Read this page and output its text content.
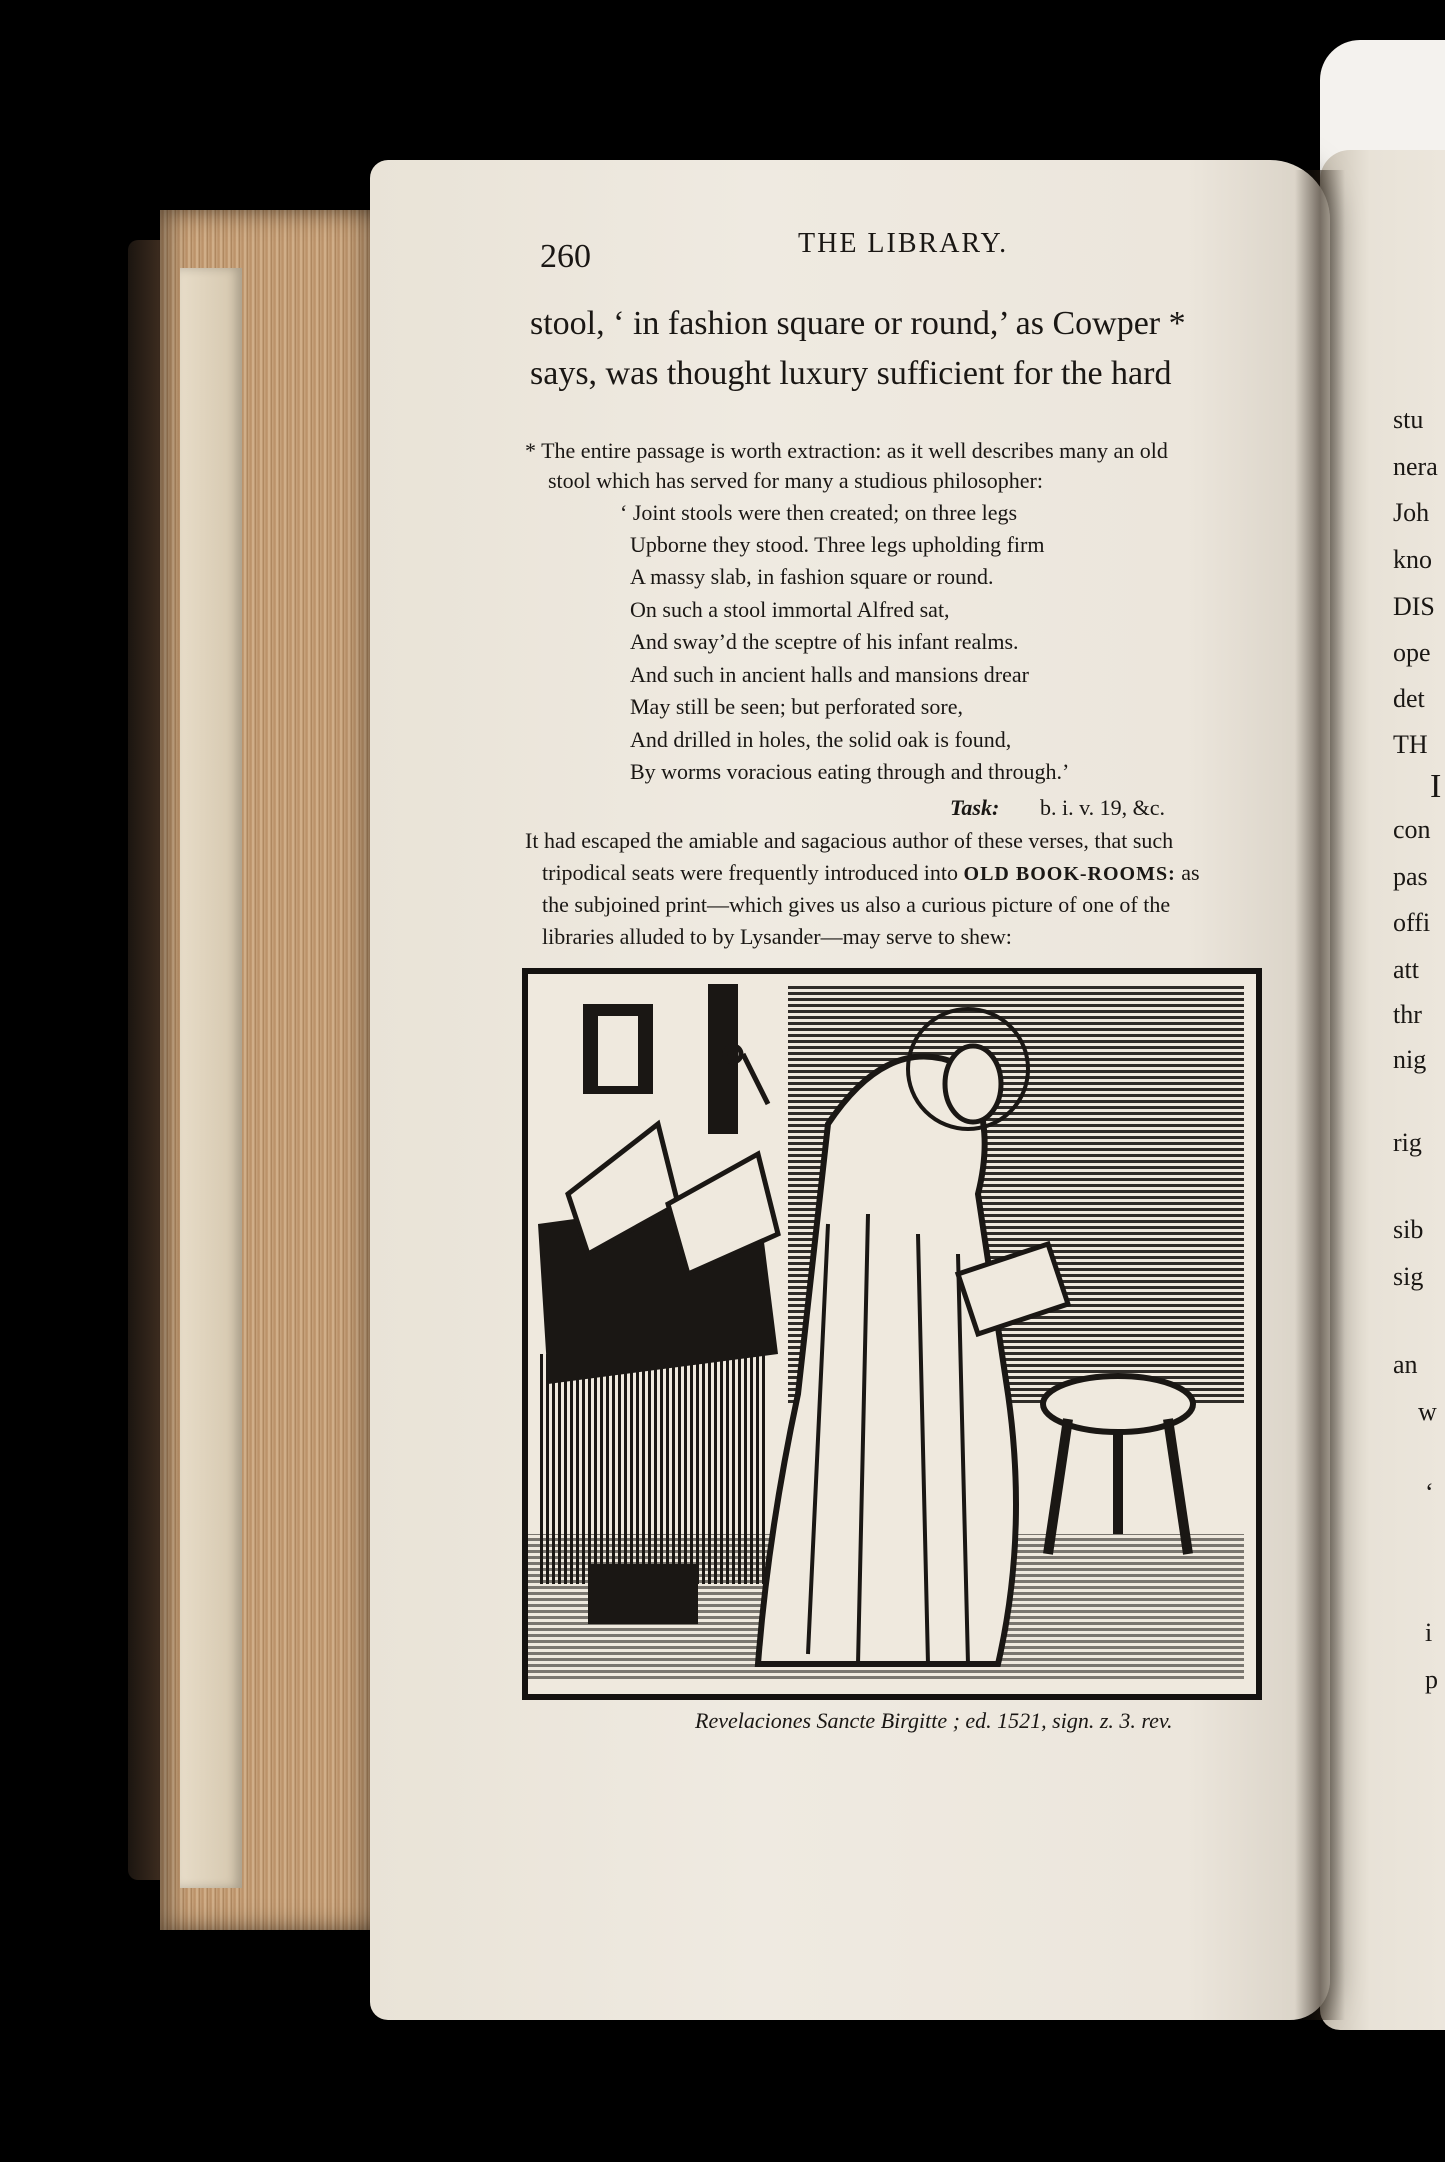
260	THE LIBRARY.
stool, ‘ in fashion square or round,’ as Cowper *
says, was thought luxury sufficient for the hard
* The entire passage is worth extraction: as it well describes many an old
stool which has served for many a studious philosopher:
‘ Joint stools were then created; on three legs
Upborne they stood. Three legs upholding firm
A massy slab, in fashion square or round.
On such a stool immortal Alfred sat,
And sway’d the sceptre of his infant realms.
And such in ancient halls and mansions drear
May still be seen; but perforated sore,
And drilled in holes, the solid oak is found,
By worms voracious eating through and through.’
Task: b. i. v. 19, &c.
It had escaped the amiable and sagacious author of these verses, that such
tripodical seats were frequently introduced into OLD BOOK-ROOMS: as
the subjoined print—which gives us also a curious picture of one of the
libraries alluded to by Lysander—may serve to shew:
Revelaciones Sancte Birgitte ; ed. 1521, sign. z. 3. rev.
stu
nera
Joh
kno
DIS
ope
det
TH
I
con
pas
offi
att
thr
nig
rig
sib
sig
an
w
‘
i
p
